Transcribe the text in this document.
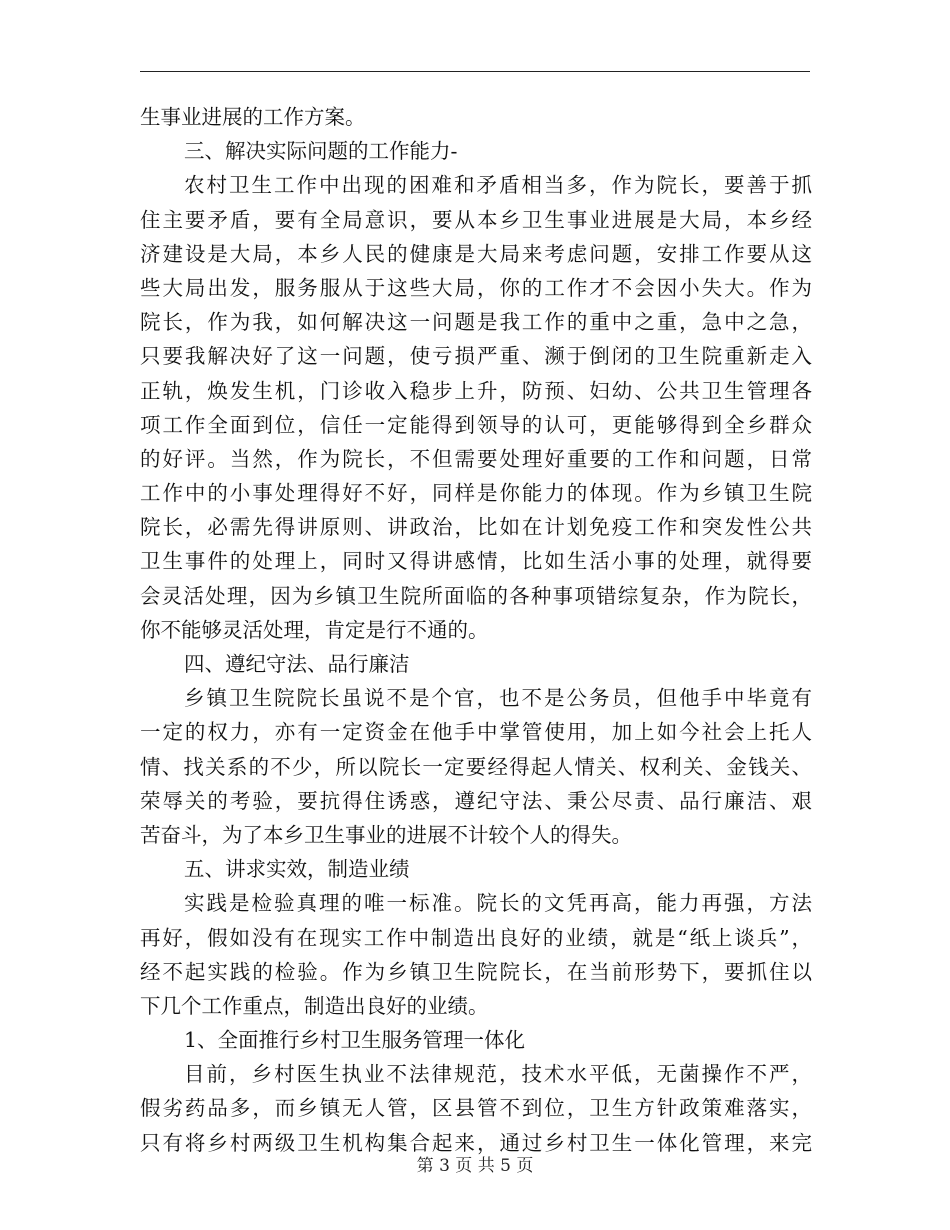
生事业进展的工作方案。
三、解决实际问题的工作能力-
农村卫生工作中出现的困难和矛盾相当多，作为院长，要善于抓
住主要矛盾，要有全局意识，要从本乡卫生事业进展是大局，本乡经
济建设是大局，本乡人民的健康是大局来考虑问题，安排工作要从这
些大局出发，服务服从于这些大局，你的工作才不会因小失大。作为
院长，作为我，如何解决这一问题是我工作的重中之重，急中之急，
只要我解决好了这一问题，使亏损严重、濒于倒闭的卫生院重新走入
正轨，焕发生机，门诊收入稳步上升，防预、妇幼、公共卫生管理各
项工作全面到位，信任一定能得到领导的认可，更能够得到全乡群众
的好评。当然，作为院长，不但需要处理好重要的工作和问题，日常
工作中的小事处理得好不好，同样是你能力的体现。作为乡镇卫生院
院长，必需先得讲原则、讲政治，比如在计划免疫工作和突发性公共
卫生事件的处理上，同时又得讲感情，比如生活小事的处理，就得要
会灵活处理，因为乡镇卫生院所面临的各种事项错综复杂，作为院长，
你不能够灵活处理，肯定是行不通的。
四、遵纪守法、品行廉洁
乡镇卫生院院长虽说不是个官，也不是公务员，但他手中毕竟有
一定的权力，亦有一定资金在他手中掌管使用，加上如今社会上托人
情、找关系的不少，所以院长一定要经得起人情关、权利关、金钱关、
荣辱关的考验，要抗得住诱惑，遵纪守法、秉公尽责、品行廉洁、艰
苦奋斗，为了本乡卫生事业的进展不计较个人的得失。
五、讲求实效，制造业绩
实践是检验真理的唯一标准。院长的文凭再高，能力再强，方法
再好，假如没有在现实工作中制造出良好的业绩，就是“纸上谈兵”，
经不起实践的检验。作为乡镇卫生院院长，在当前形势下，要抓住以
下几个工作重点，制造出良好的业绩。
1、全面推行乡村卫生服务管理一体化
目前，乡村医生执业不法律规范，技术水平低，无菌操作不严，
假劣药品多，而乡镇无人管，区县管不到位，卫生方针政策难落实，
只有将乡村两级卫生机构集合起来，通过乡村卫生一体化管理，来完
第 3 页 共 5 页
